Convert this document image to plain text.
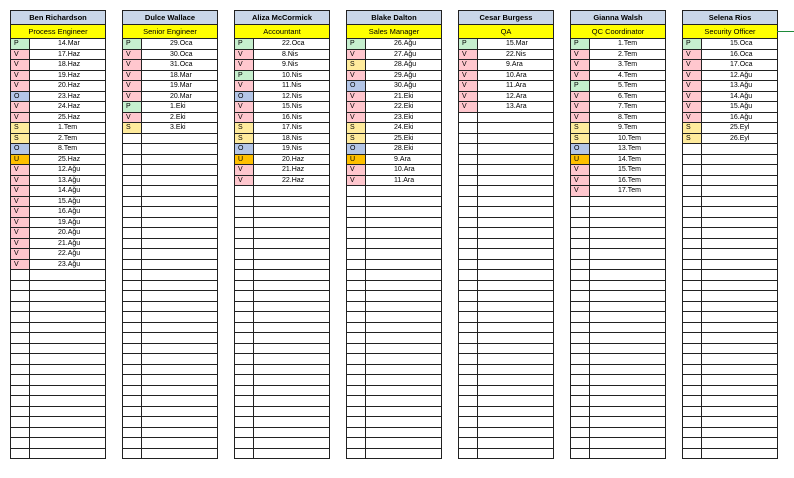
Ben Richardson
Process Engineer
P	14.Mar
V	17.Haz
V	18.Haz
V	19.Haz
V	20.Haz
O	23.Haz
V	24.Haz
V	25.Haz
S	1.Tem
S	2.Tem
O	8.Tem
U	25.Haz
V	12.Ağu
V	13.Ağu
V	14.Ağu
V	15.Ağu
V	16.Ağu
V	19.Ağu
V	20.Ağu
V	21.Ağu
V	22.Ağu
V	23.Ağu
Dulce Wallace
Senior Engineer
P	29.Oca
V	30.Oca
V	31.Oca
V	18.Mar
V	19.Mar
V	20.Mar
P	1.Eki
V	2.Eki
S	3.Eki
Aliza McCormick
Accountant
P	22.Oca
V	8.Nis
V	9.Nis
P	10.Nis
V	11.Nis
O	12.Nis
V	15.Nis
V	16.Nis
S	17.Nis
S	18.Nis
O	19.Nis
U	20.Haz
V	21.Haz
V	22.Haz
Blake Dalton
Sales Manager
P	26.Ağu
V	27.Ağu
S	28.Ağu
V	29.Ağu
O	30.Ağu
V	21.Eki
V	22.Eki
V	23.Eki
S	24.Eki
S	25.Eki
O	28.Eki
U	9.Ara
V	10.Ara
V	11.Ara
Cesar Burgess
QA
P	15.Mar
V	22.Nis
V	9.Ara
V	10.Ara
V	11.Ara
V	12.Ara
V	13.Ara
Gianna Walsh
QC Coordinator
P	1.Tem
V	2.Tem
V	3.Tem
V	4.Tem
P	5.Tem
V	6.Tem
V	7.Tem
V	8.Tem
S	9.Tem
S	10.Tem
O	13.Tem
U	14.Tem
V	15.Tem
V	16.Tem
V	17.Tem
Selena Rios
Security Officer
P	15.Oca
V	16.Oca
V	17.Oca
V	12.Ağu
V	13.Ağu
V	14.Ağu
V	15.Ağu
V	16.Ağu
S	25.Eyl
S	26.Eyl
